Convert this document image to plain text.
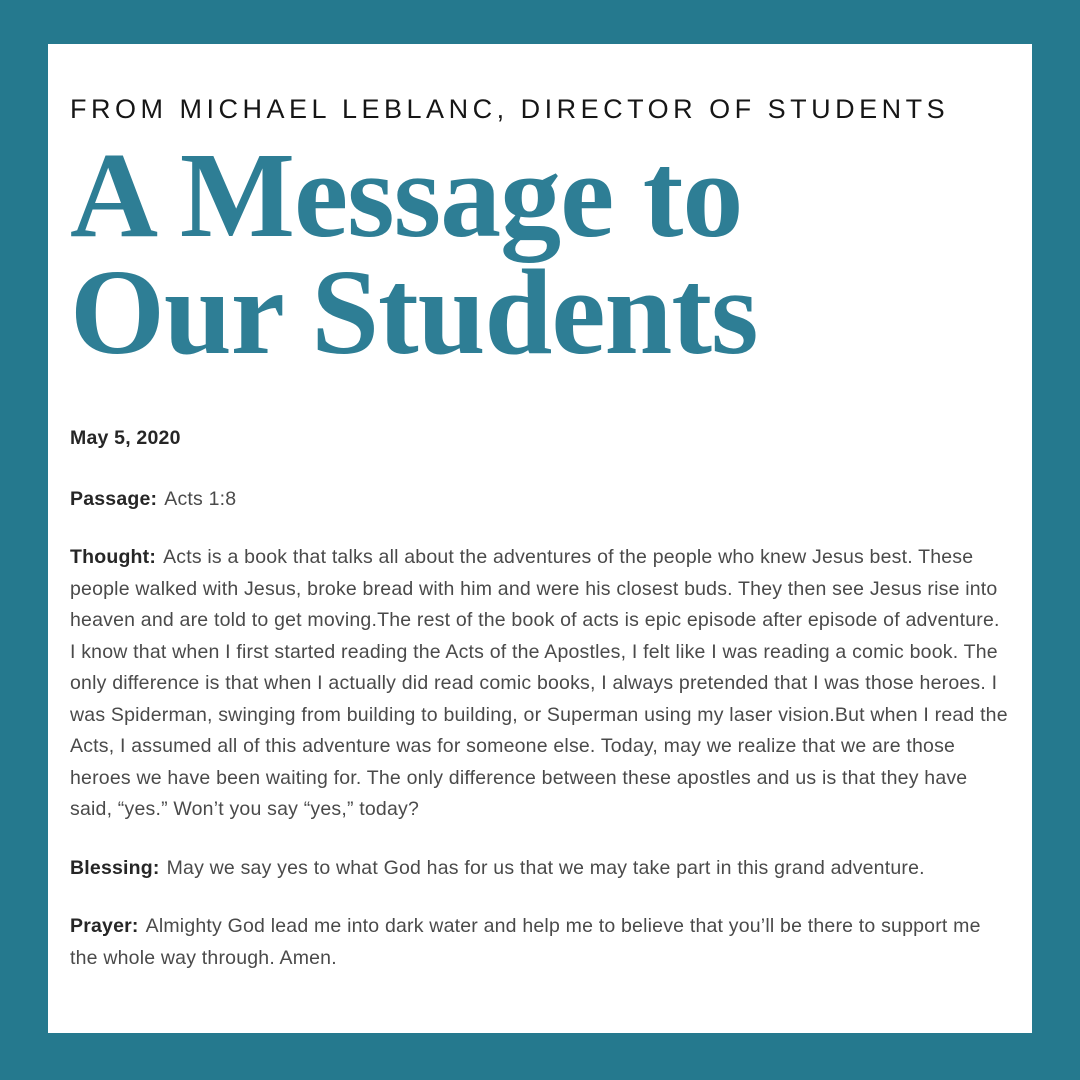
FROM MICHAEL LEBLANC, DIRECTOR OF STUDENTS

A Message to
Our Students

May 5, 2020

Passage: Acts 1:8

Thought: Acts is a book that talks all about the adventures of the people who knew Jesus best. These people walked with Jesus, broke bread with him and were his closest buds. They then see Jesus rise into heaven and are told to get moving.The rest of the book of acts is epic episode after episode of adventure. I know that when I first started reading the Acts of the Apostles, I felt like I was reading a comic book. The only difference is that when I actually did read comic books, I always pretended that I was those heroes. I was Spiderman, swinging from building to building, or Superman using my laser vision.But when I read the Acts, I assumed all of this adventure was for someone else. Today, may we realize that we are those heroes we have been waiting for. The only difference between these apostles and us is that they have said, “yes.” Won’t you say “yes,” today?

Blessing: May we say yes to what God has for us that we may take part in this grand adventure.

Prayer: Almighty God lead me into dark water and help me to believe that you’ll be there to support me the whole way through. Amen.
